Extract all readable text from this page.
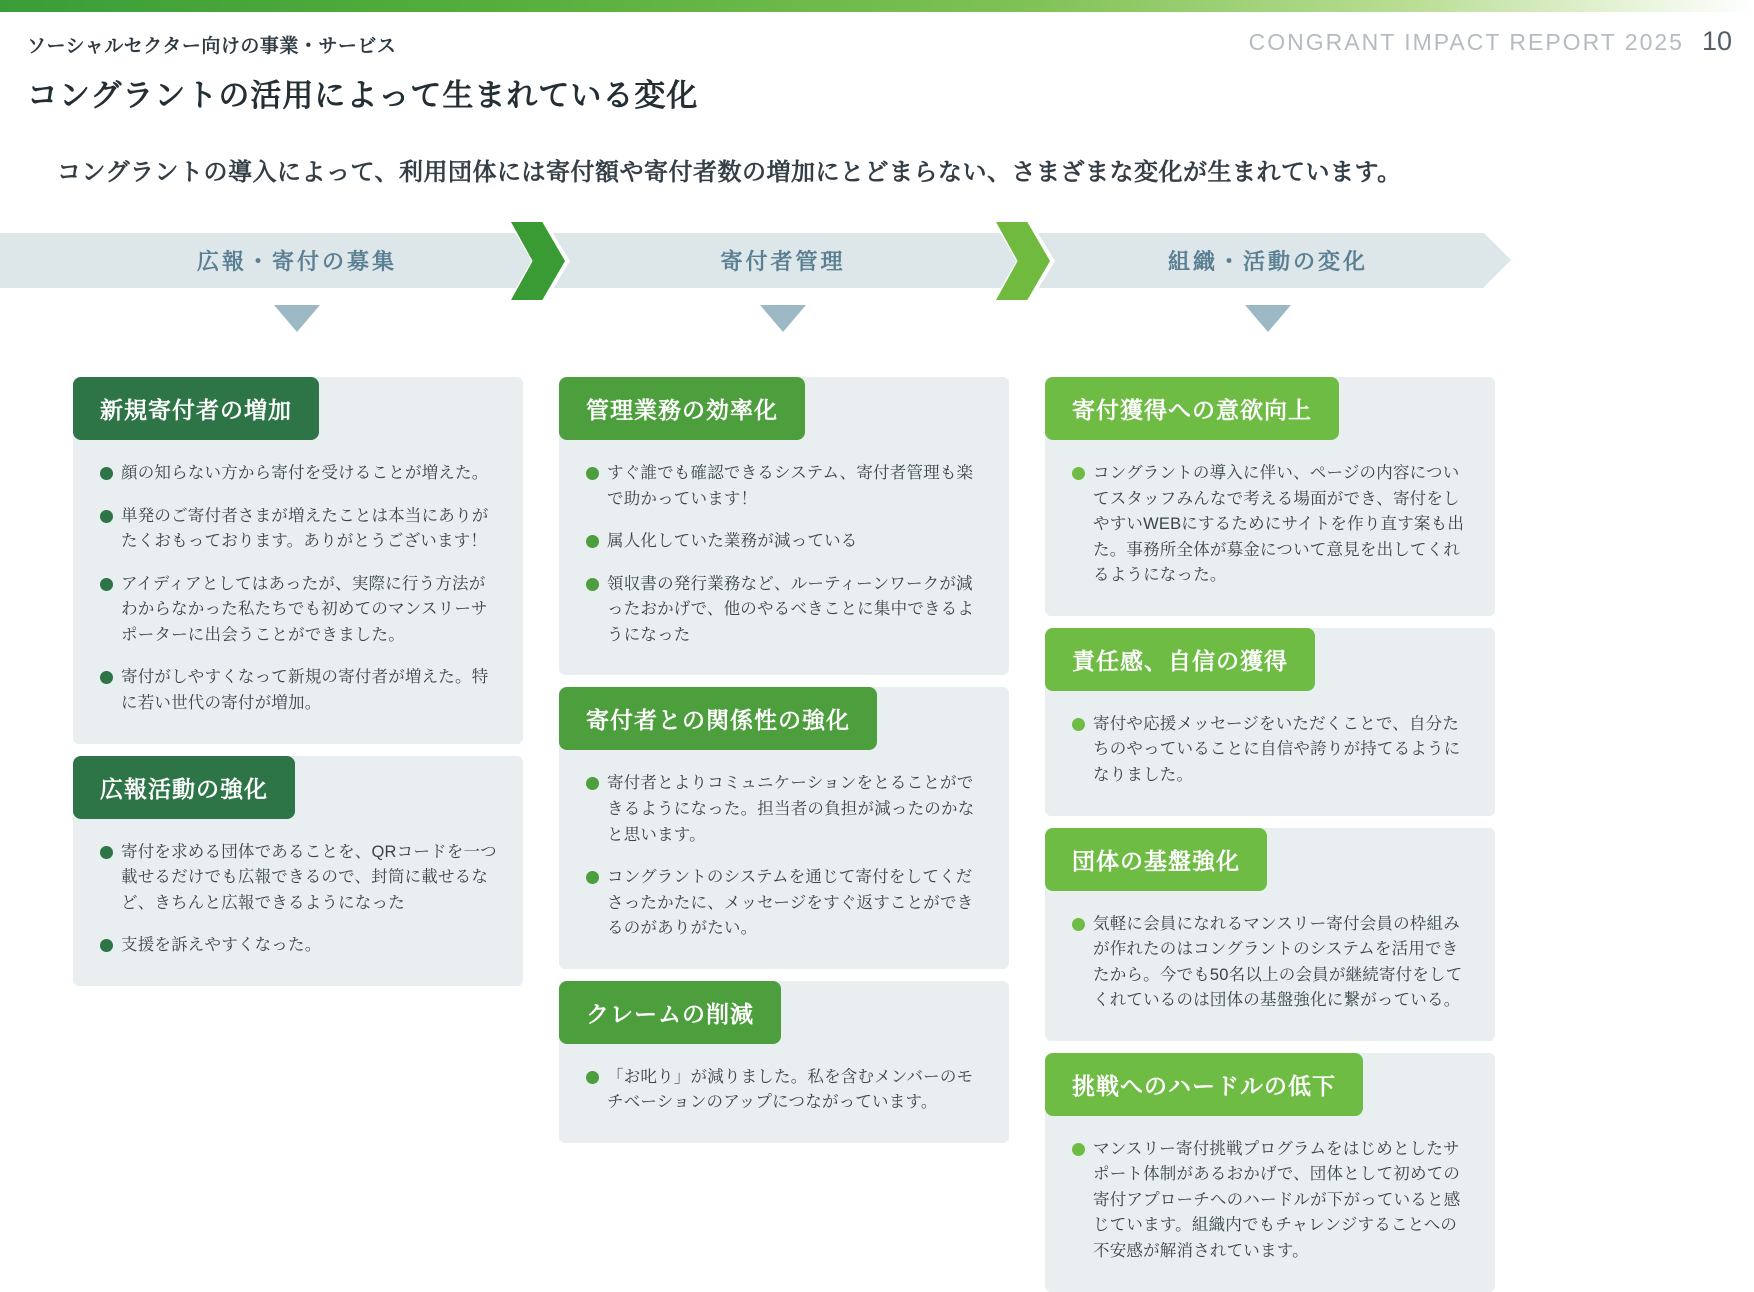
ソーシャルセクター向けの事業・サービス	CONGRANT IMPACT REPORT 2025 10
コングラントの活用によって生まれている変化
コングラントの導入によって、利用団体には寄付額や寄付者数の増加にとどまらない、さまざまな変化が生まれています。
広報・寄付の募集	寄付者管理	組織・活動の変化
新規寄付者の増加
顔の知らない方から寄付を受けることが増えた。
単発のご寄付者さまが増えたことは本当にありがたくおもっております。ありがとうございます！
アイディアとしてはあったが、実際に行う方法がわからなかった私たちでも初めてのマンスリーサポーターに出会うことができました。
寄付がしやすくなって新規の寄付者が増えた。特に若い世代の寄付が増加。
広報活動の強化
寄付を求める団体であることを、QRコードを一つ載せるだけでも広報できるので、封筒に載せるなど、きちんと広報できるようになった
支援を訴えやすくなった。
管理業務の効率化
すぐ誰でも確認できるシステム、寄付者管理も楽で助かっています！
属人化していた業務が減っている
領収書の発行業務など、ルーティーンワークが減ったおかげで、他のやるべきことに集中できるようになった
寄付者との関係性の強化
寄付者とよりコミュニケーションをとることができるようになった。担当者の負担が減ったのかなと思います。
コングラントのシステムを通じて寄付をしてくださったかたに、メッセージをすぐ返すことができるのがありがたい。
クレームの削減
「お叱り」が減りました。私を含むメンバーのモチベーションのアップにつながっています。
寄付獲得への意欲向上
コングラントの導入に伴い、ページの内容についてスタッフみんなで考える場面ができ、寄付をしやすいWEBにするためにサイトを作り直す案も出た。事務所全体が募金について意見を出してくれるようになった。
責任感、自信の獲得
寄付や応援メッセージをいただくことで、自分たちのやっていることに自信や誇りが持てるようになりました。
団体の基盤強化
気軽に会員になれるマンスリー寄付会員の枠組みが作れたのはコングラントのシステムを活用できたから。今でも50名以上の会員が継続寄付をしてくれているのは団体の基盤強化に繋がっている。
挑戦へのハードルの低下
マンスリー寄付挑戦プログラムをはじめとしたサポート体制があるおかげで、団体として初めての寄付アプローチへのハードルが下がっていると感じています。組織内でもチャレンジすることへの不安感が解消されています。
